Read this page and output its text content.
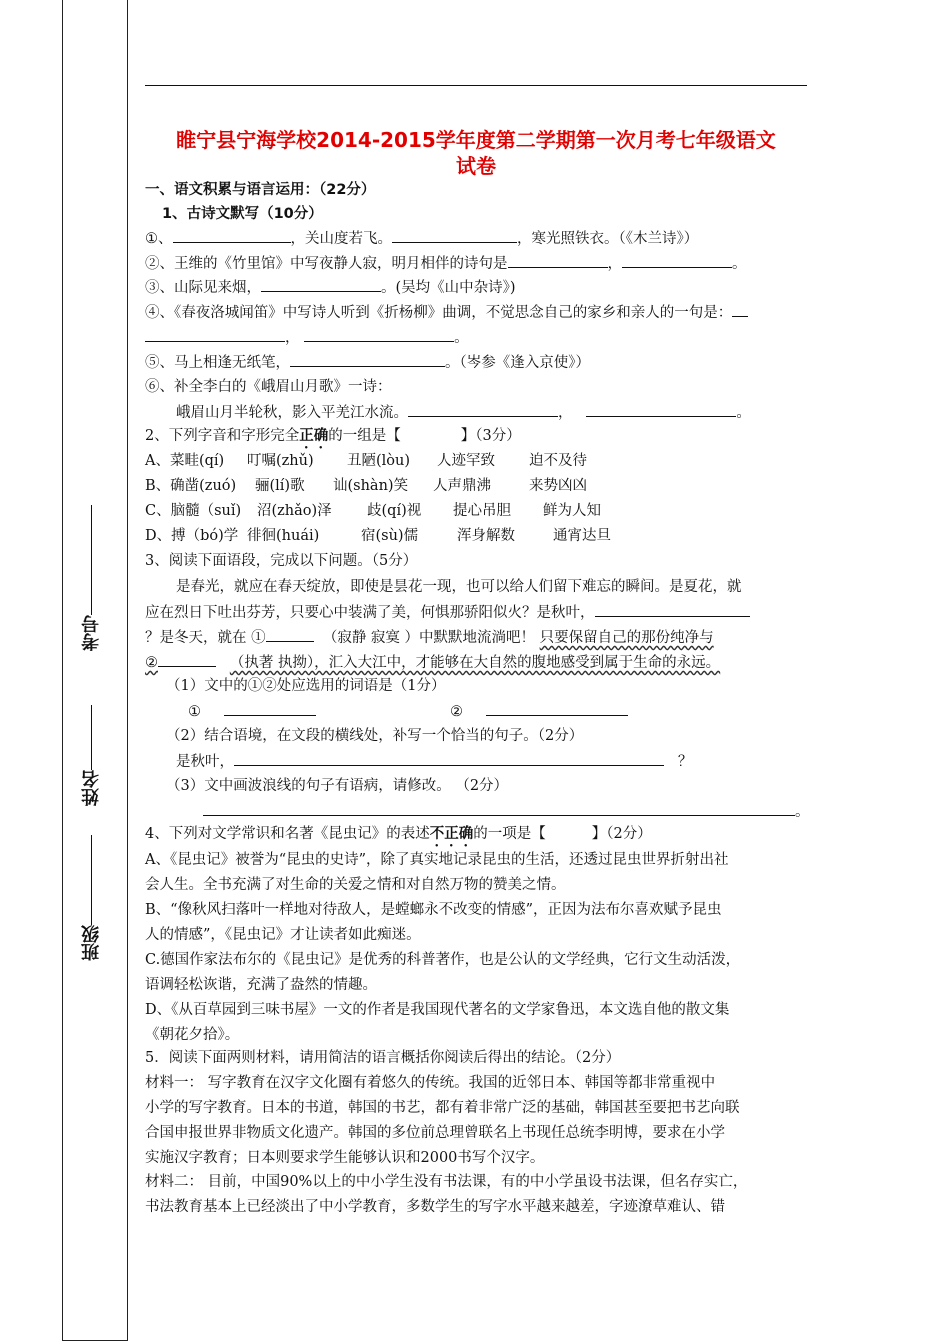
考号
姓名
班级
睢宁县宁海学校2014-2015学年度第二学期第一次月考七年级语文
试卷
一、语文积累与语言运用：（22分）
1、古诗文默写（10分）
①、	，关山度若飞。	，寒光照铁衣。（《木兰诗》）
②、王维的《竹里馆》中写夜静人寂，明月相伴的诗句是	，	。
③、山际见来烟，	。(吴均《山中杂诗》)
④、《春夜洛城闻笛》中写诗人听到《折杨柳》曲调，不觉思念自己的家乡和亲人的一句是：
，	。
⑤、马上相逢无纸笔，	。（岑参《逢入京使》）
⑥、补全李白的《峨眉山月歌》一诗：
峨眉山月半轮秋，影入平羌江水流。	，	。
2、下列字音和字形完全正确的一组是【	】（3分）
A、菜畦(qí) 叮嘱(zhǔ) 丑陋(lòu) 人迹罕致 迫不及待
B、确凿(zuó) 骊(lí)歌 讪(shàn)笑 人声鼎沸	来势凶凶
C、脑髓（suǐ) 沼(zhǎo)泽 歧(qí)视 提心吊胆 鲜为人知
D、搏（bó)学 徘徊(huái)	宿(sù)儒	浑身解数	通宵达旦
3、阅读下面语段，完成以下问题。（5分）
是春光，就应在春天绽放，即使是昙花一现，也可以给人们留下难忘的瞬间。是夏花，就
应在烈日下吐出芬芳，只要心中装满了美，何惧那骄阳似火？是秋叶，
？是冬天，就在 ①	（寂静 寂寞 ）中默默地流淌吧！ 只要保留自己的那份纯净与
②	（执著 执拗），汇入大江中，才能够在大自然的腹地感受到属于生命的永远。
（1）文中的①②处应选用的词语是（1分）
①	②
（2）结合语境，在文段的横线处，补写一个恰当的句子。（2分）
是秋叶，	？
（3）文中画波浪线的句子有语病，请修改。 （2分）
。
4、下列对文学常识和名著《昆虫记》的表述不正确的一项是【	】（2分）
A、《昆虫记》被誉为“昆虫的史诗”，除了真实地记录昆虫的生活，还透过昆虫世界折射出社
会人生。全书充满了对生命的关爱之情和对自然万物的赞美之情。
B、“像秋风扫落叶一样地对待敌人，是螳螂永不改变的情感”，正因为法布尔喜欢赋予昆虫
人的情感”，《昆虫记》才让读者如此痴迷。
C.德国作家法布尔的《昆虫记》是优秀的科普著作，也是公认的文学经典，它行文生动活泼，
语调轻松诙谐，充满了盎然的情趣。
D、《从百草园到三味书屋》一文的作者是我国现代著名的文学家鲁迅，本文选自他的散文集
《朝花夕拾》。
5．阅读下面两则材料，请用简洁的语言概括你阅读后得出的结论。（2分）
材料一： 写字教育在汉字文化圈有着悠久的传统。我国的近邻日本、韩国等都非常重视中
小学的写字教育。日本的书道，韩国的书艺，都有着非常广泛的基础，韩国甚至要把书艺向联
合国申报世界非物质文化遗产。韩国的多位前总理曾联名上书现任总统李明博，要求在小学
实施汉字教育；日本则要求学生能够认识和2000书写个汉字。
材料二： 目前，中国90%以上的中小学生没有书法课，有的中小学虽设书法课，但名存实亡，
书法教育基本上已经淡出了中小学教育，多数学生的写字水平越来越差，字迹潦草难认、错
